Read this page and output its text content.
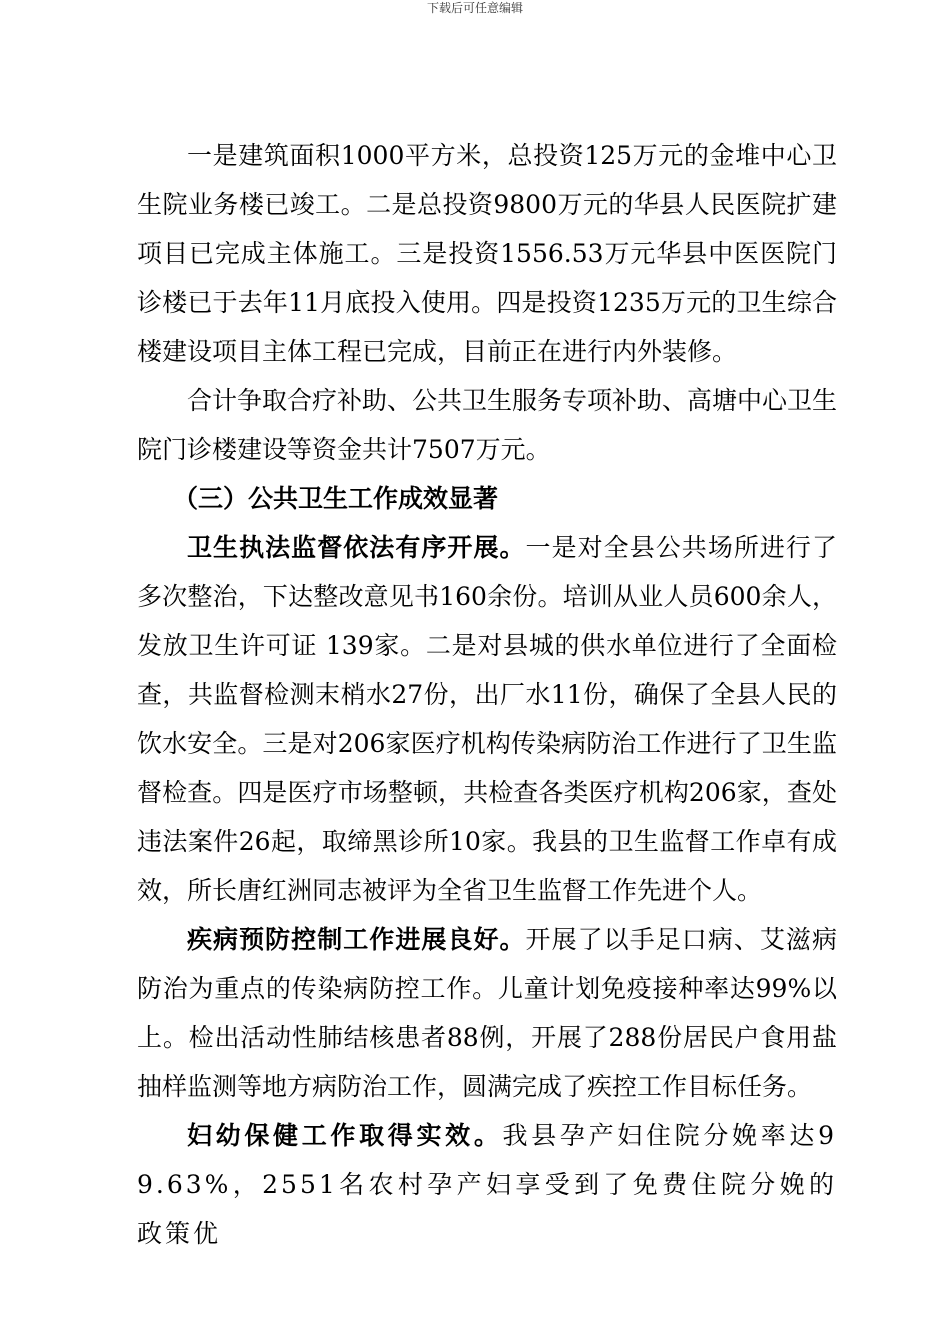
下载后可任意编辑

一是建筑面积1000平方米，总投资125万元的金堆中心卫生院业务楼已竣工。二是总投资9800万元的华县人民医院扩建项目已完成主体施工。三是投资1556.53万元华县中医医院门诊楼已于去年11月底投入使用。四是投资1235万元的卫生综合楼建设项目主体工程已完成，目前正在进行内外装修。

合计争取合疗补助、公共卫生服务专项补助、高塘中心卫生院门诊楼建设等资金共计7507万元。

（三）公共卫生工作成效显著

卫生执法监督依法有序开展。一是对全县公共场所进行了多次整治，下达整改意见书160余份。培训从业人员600余人，发放卫生许可证 139家。二是对县城的供水单位进行了全面检查，共监督检测末梢水27份，出厂水11份，确保了全县人民的饮水安全。三是对206家医疗机构传染病防治工作进行了卫生监督检查。四是医疗市场整顿，共检查各类医疗机构206家，查处违法案件26起，取缔黑诊所10家。我县的卫生监督工作卓有成效，所长唐红洲同志被评为全省卫生监督工作先进个人。

疾病预防控制工作进展良好。开展了以手足口病、艾滋病防治为重点的传染病防控工作。儿童计划免疫接种率达99%以上。检出活动性肺结核患者88例，开展了288份居民户食用盐抽样监测等地方病防治工作，圆满完成了疾控工作目标任务。

妇幼保健工作取得实效。我县孕产妇住院分娩率达99.63%，2551名农村孕产妇享受到了免费住院分娩的政策优
